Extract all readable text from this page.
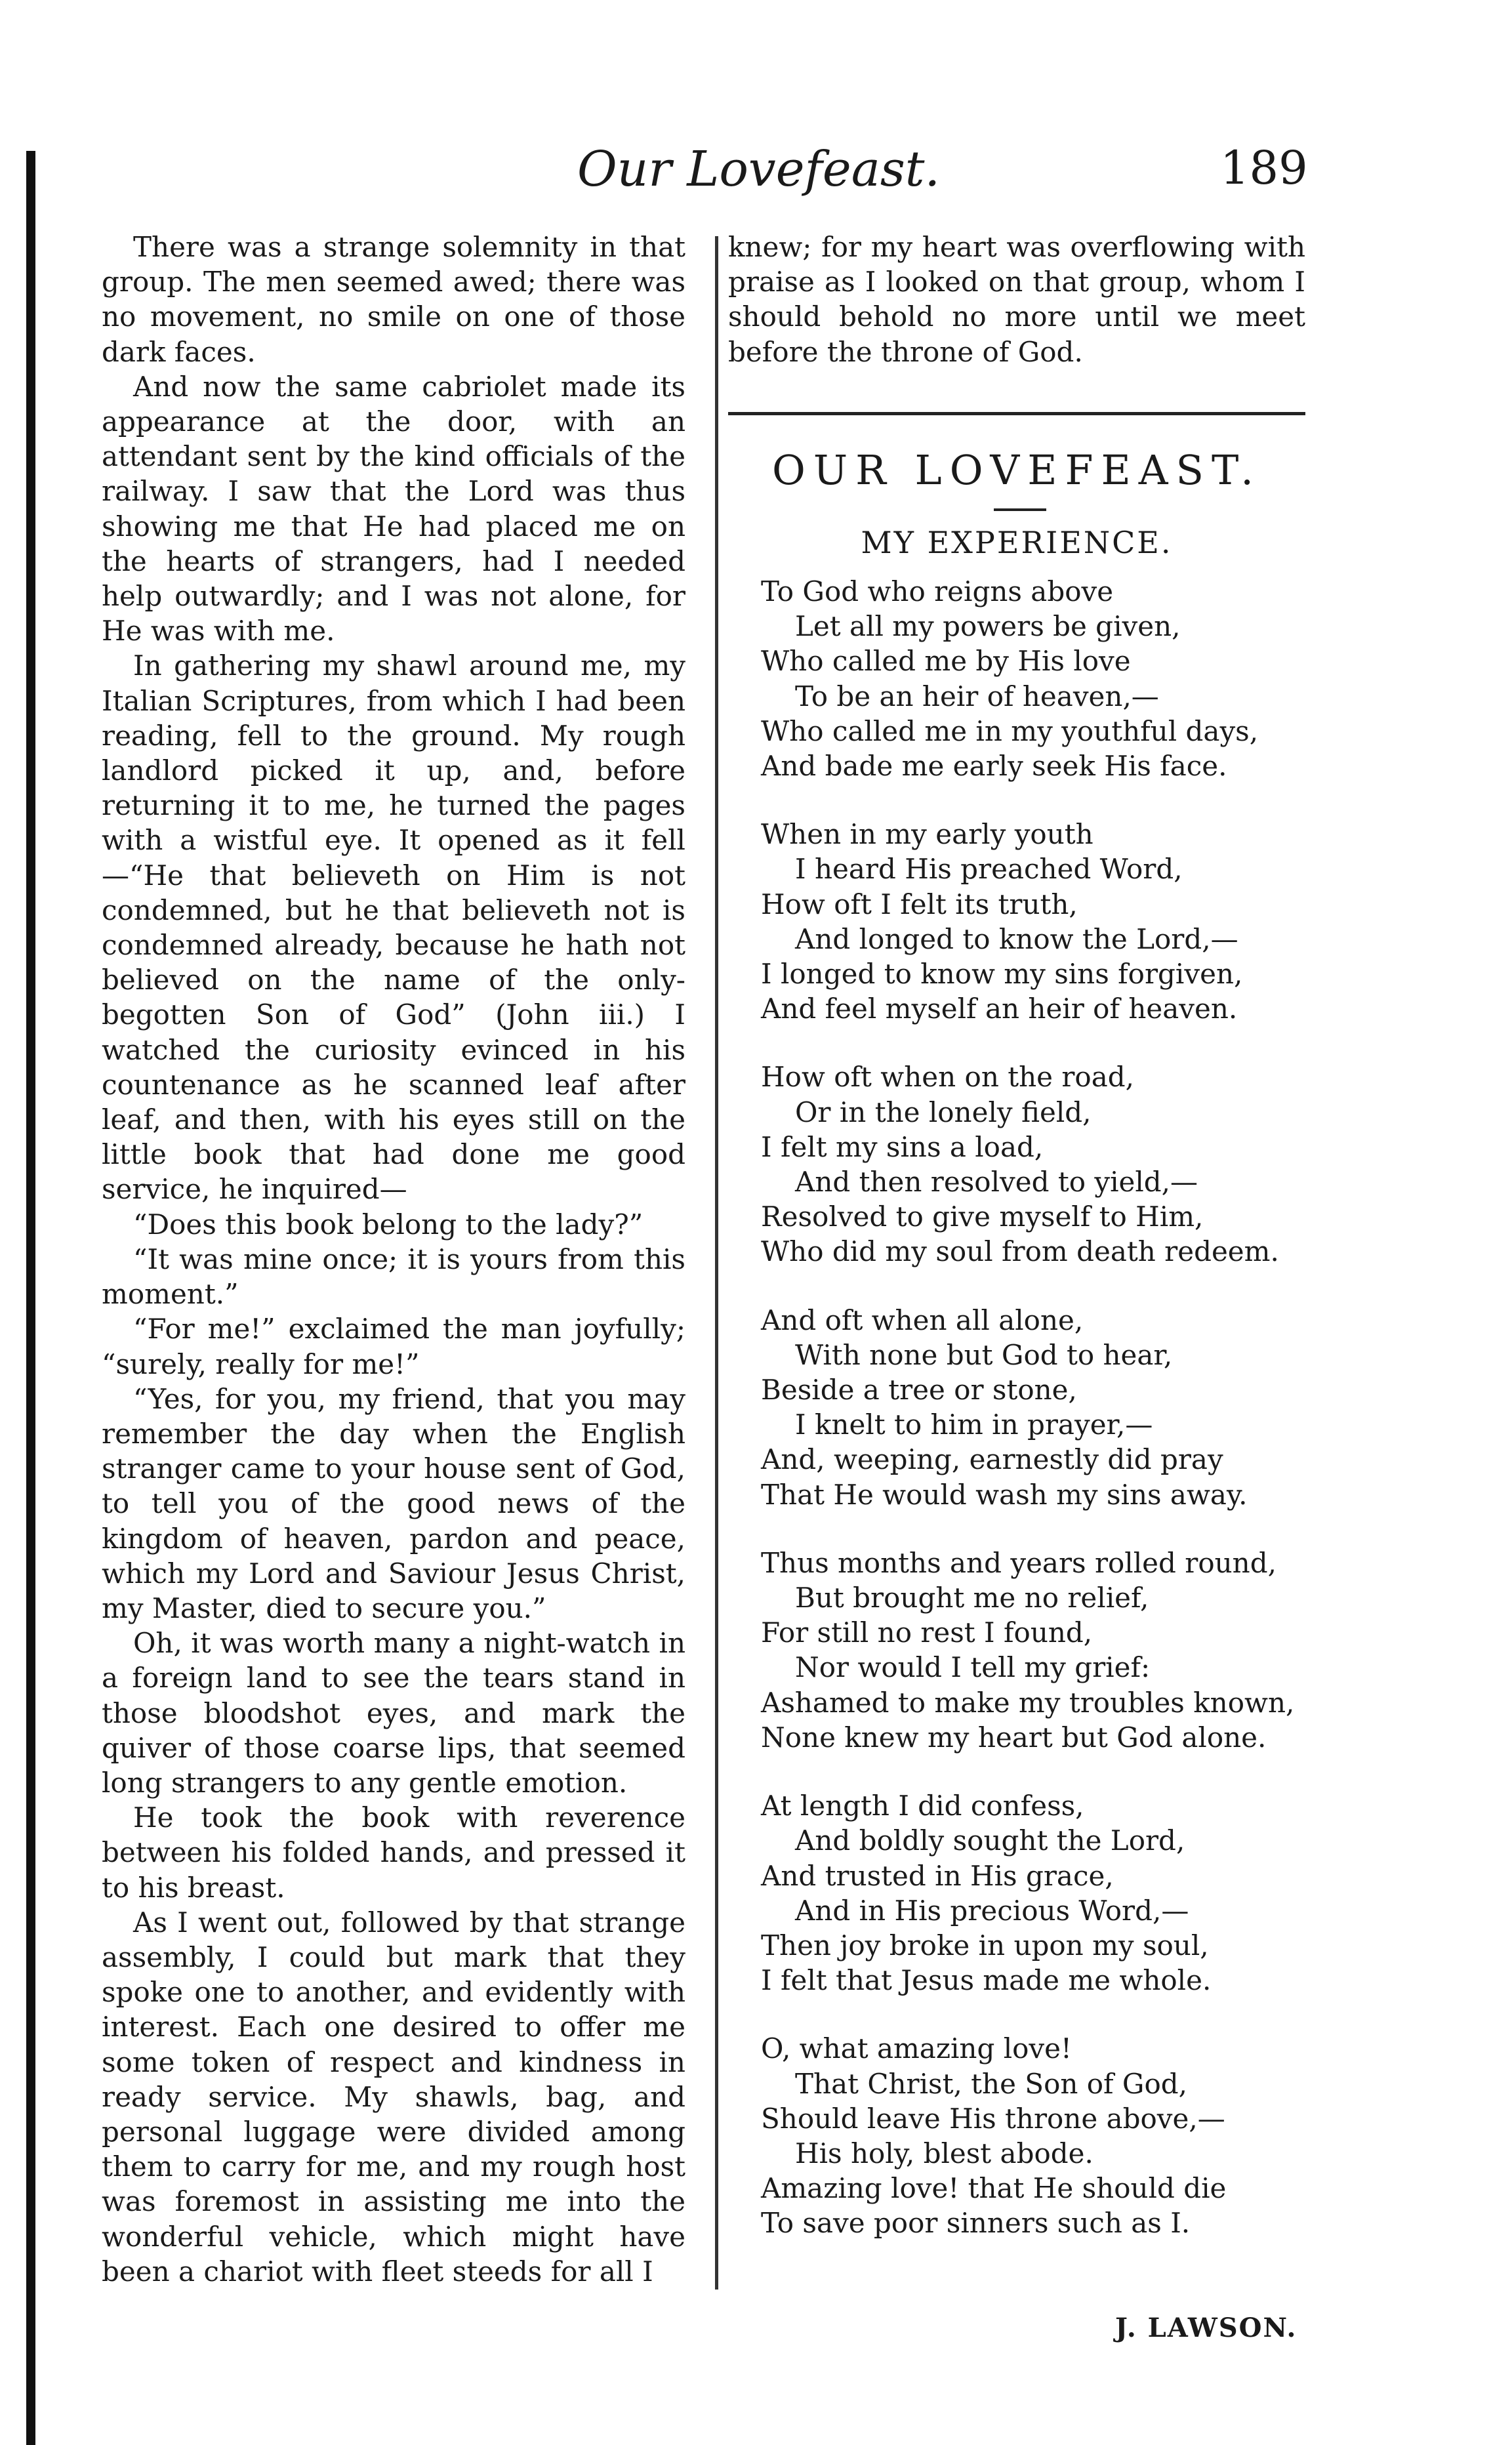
Our Lovefeast.	189

There was a strange solemnity in that group. The men seemed awed; there was no movement, no smile on one of those dark faces.

And now the same cabriolet made its appearance at the door, with an attendant sent by the kind officials of the railway. I saw that the Lord was thus showing me that He had placed me on the hearts of strangers, had I needed help outwardly; and I was not alone, for He was with me.

In gathering my shawl around me, my Italian Scriptures, from which I had been reading, fell to the ground. My rough landlord picked it up, and, before returning it to me, he turned the pages with a wistful eye. It opened as it fell —“He that believeth on Him is not condemned, but he that believeth not is condemned already, because he hath not believed on the name of the only-begotten Son of God” (John iii.) I watched the curiosity evinced in his countenance as he scanned leaf after leaf, and then, with his eyes still on the little book that had done me good service, he inquired—

“Does this book belong to the lady?”

“It was mine once; it is yours from this moment.”

“For me!” exclaimed the man joyfully; “surely, really for me!”

“Yes, for you, my friend, that you may remember the day when the English stranger came to your house sent of God, to tell you of the good news of the kingdom of heaven, pardon and peace, which my Lord and Saviour Jesus Christ, my Master, died to secure you.”

Oh, it was worth many a night-watch in a foreign land to see the tears stand in those bloodshot eyes, and mark the quiver of those coarse lips, that seemed long strangers to any gentle emotion.

He took the book with reverence between his folded hands, and pressed it to his breast.

As I went out, followed by that strange assembly, I could but mark that they spoke one to another, and evidently with interest. Each one desired to offer me some token of respect and kindness in ready service. My shawls, bag, and personal luggage were divided among them to carry for me, and my rough host was foremost in assisting me into the wonderful vehicle, which might have been a chariot with fleet steeds for all I

knew; for my heart was overflowing with praise as I looked on that group, whom I should behold no more until we meet before the throne of God.

OUR LOVEFEAST.
MY EXPERIENCE.
To God who reigns above
Let all my powers be given,
Who called me by His love
To be an heir of heaven,—
Who called me in my youthful days,
And bade me early seek His face.
When in my early youth
I heard His preached Word,
How oft I felt its truth,
And longed to know the Lord,—
I longed to know my sins forgiven,
And feel myself an heir of heaven.
How oft when on the road,
Or in the lonely field,
I felt my sins a load,
And then resolved to yield,—
Resolved to give myself to Him,
Who did my soul from death redeem.
And oft when all alone,
With none but God to hear,
Beside a tree or stone,
I knelt to him in prayer,—
And, weeping, earnestly did pray
That He would wash my sins away.
Thus months and years rolled round,
But brought me no relief,
For still no rest I found,
Nor would I tell my grief:
Ashamed to make my troubles known,
None knew my heart but God alone.
At length I did confess,
And boldly sought the Lord,
And trusted in His grace,
And in His precious Word,—
Then joy broke in upon my soul,
I felt that Jesus made me whole.
O, what amazing love!
That Christ, the Son of God,
Should leave His throne above,—
His holy, blest abode.
Amazing love! that He should die
To save poor sinners such as I.
J. LAWSON.
